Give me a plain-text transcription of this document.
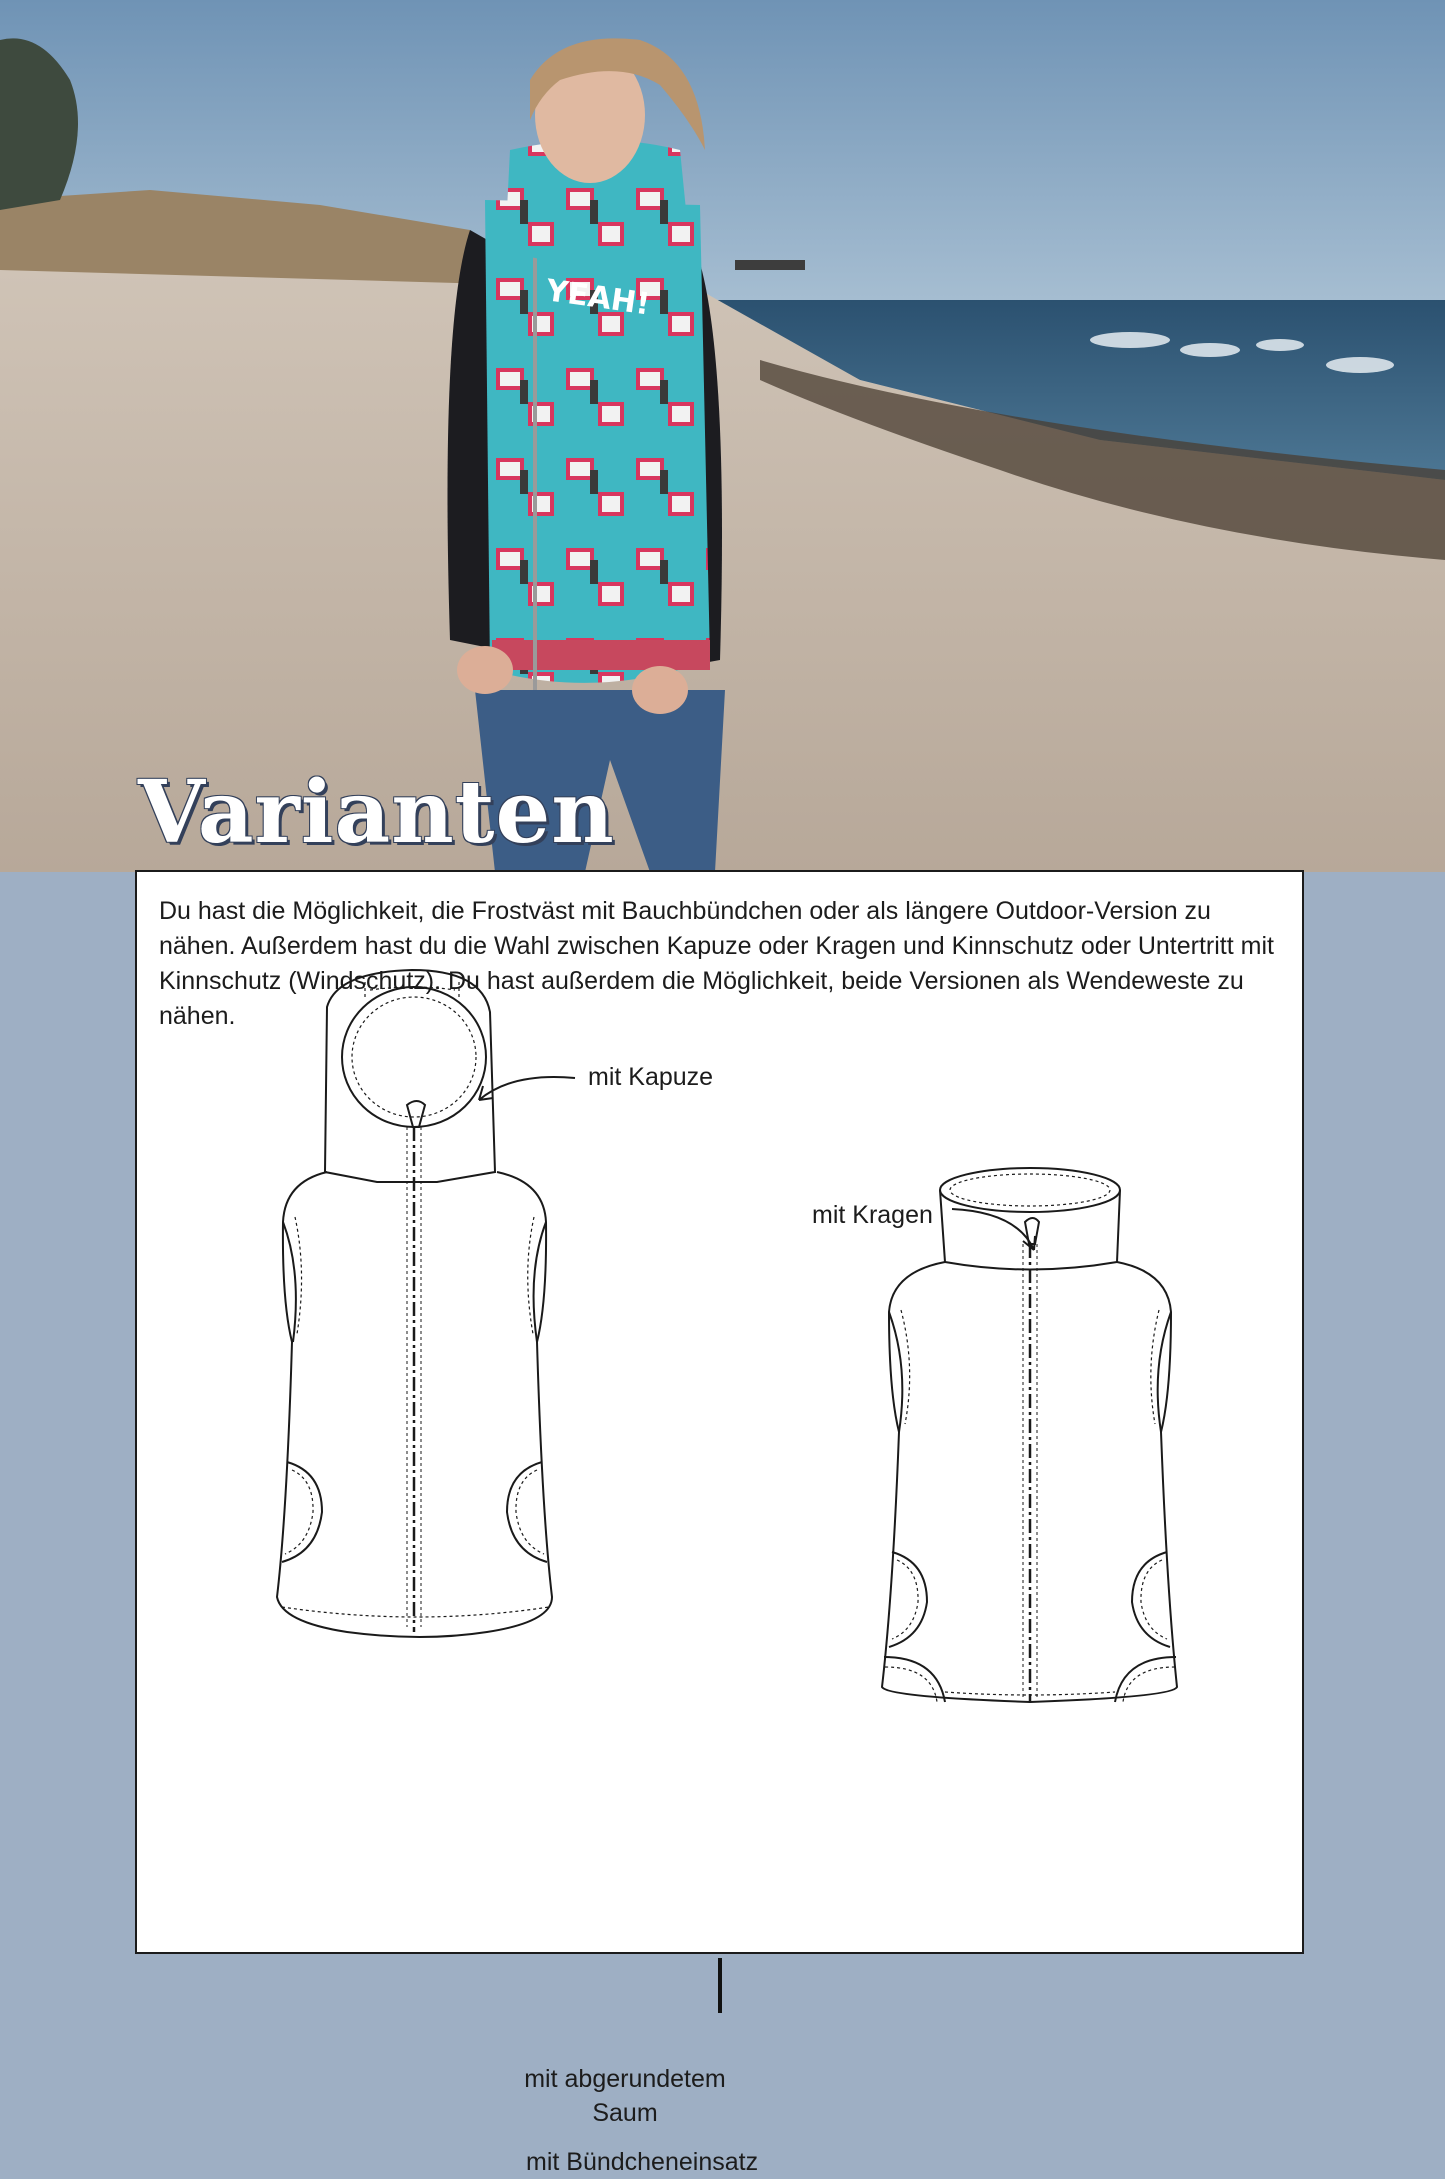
YEAH!
Varianten

Du hast die Möglichkeit, die Frostväst mit Bauchbündchen oder als längere Outdoor-Version zu nähen. Außerdem hast du die Wahl zwischen Kapuze oder Kragen und Kinnschutz oder Untertritt mit Kinnschutz (Windschutz). Du hast außerdem die Möglichkeit, beide Versionen als Wendeweste zu nähen.

mit Kapuze
mit Kragen
mit abgerundetem
Saum
mit Bündcheneinsatz
